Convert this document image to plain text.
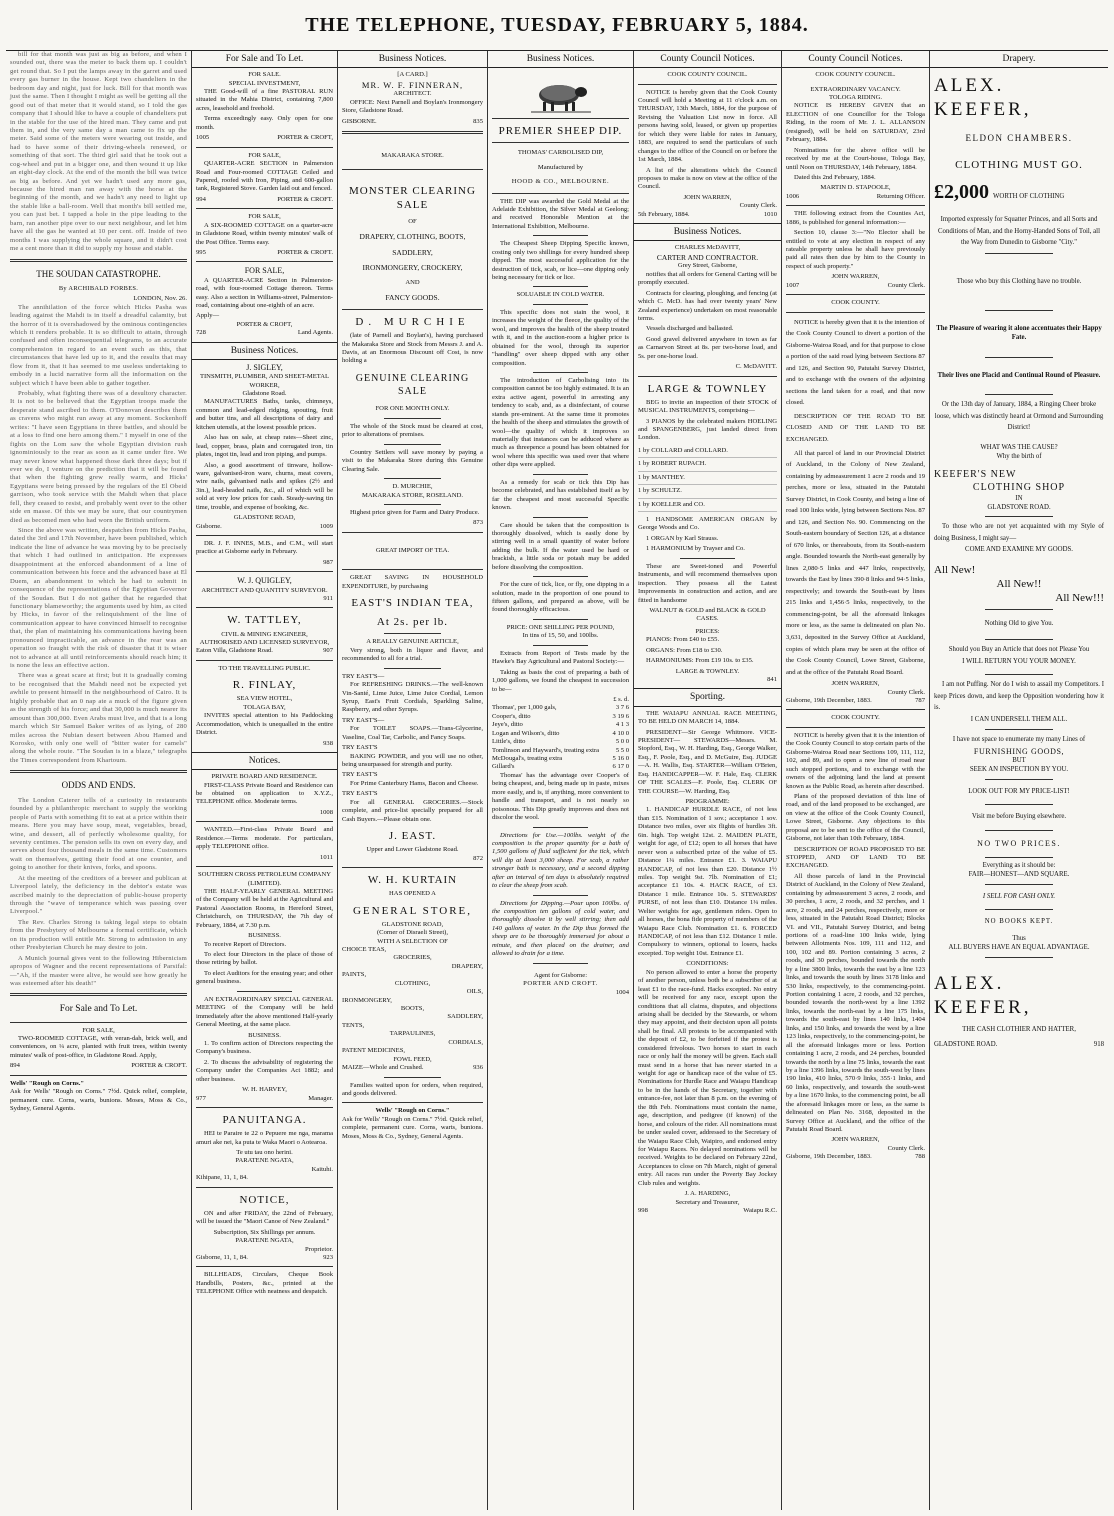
THE TELEPHONE, TUESDAY, FEBRUARY 5, 1884.

bill for that month was just as big as before, and when I sounded out, there was the meter to back them up. I couldn't get round that. So I put the lamps away in the garret and used every gas burner in the house. Kept two chandeliers in the bedroom day and night, just for luck. Bill for that month was just the same. Then I thought I might as well be getting all the good out of that meter that it would stand, so I told the gas company that I should like to have a couple of chandeliers put in the stable for the use of the hired man. They came and put them in, and the very same day a man came to fix up the meter. Said some of the meters were wearing out inside, and had to have some of their driving-wheels renewed, or something of that sort. The third girl said that he took out a cog-wheel and put in a bigger one, and then wound it up like an eight-day clock. At the end of the month the bill was twice as big as before. And yet we hadn't used any more gas, because the hired man ran away with the horse at the beginning of the month, and we hadn't any need to light up the stable like a ball-room. Well that month's bill settled me, you can just bet. I tapped a hole in the pipe leading to the barn, ran another pipe over to our next neighbour, and let him have all the gas he wanted at 10 per cent. off. Inside of two months I was supplying the whole square, and it didn't cost me a cent more than it did to supply my house and stable.

THE SOUDAN CATASTROPHE.
By ARCHIBALD FORBES.
LONDON, Nov. 26.

The annihilation of the force which Hicks Pasha was leading against the Mahdi is in itself a dreadful calamity, but the horror of it is overshadowed by the ominous contingencies which it renders probable. It is so difficult to attain, through confused and often inconsequential telegrams, to an accurate comprehension in regard to an event such as this, that circumstances that have led up to it, and the results that may flow from it, that it has seemed to me useless undertaking to embody in a lucid narrative form all the information on the subject which I have been able to gather together.

Probably, what fighting there was of a desultory character. It is not to be believed that the Egyptian troops made the desperate stand ascribed to them. O'Donovan describes them as cravens who might run away at any moment. Sockenhoff writes: "I have seen Egyptians in three battles, and should be at a loss to find one hero among them." I myself in one of the fights on the Lom saw the whole Egyptian division rush ignominiously to the rear as soon as it came under fire. We may never know what happened those dark three days; but if ever we do, I venture on the prediction that it will be found that when the fighting grew really warm, and Hicks' Egyptians were being pressed by the regulars of the El Obeid garrison, who took service with the Mahdi when that place fell, they ceased to resist, and probably went over to the other side en masse. Of this we may be sure, that our countrymen died as becomed men who had worn the British uniform.

Since the above was written, despatches from Hicks Pasha, dated the 3rd and 17th November, have been published, which indicate the line of advance he was moving by to be precisely that which I had outlined in anticipation. He expresses disappointment at the enforced abandonment of a line of communication between his force and the advanced base at El Duem, an abandonment to which he had to submit in consequence of the representations of the Egyptian Governor of the Soudan. But I do not gather that he regarded that functionary blameworthy; the arguments used by him, as cited by Hicks, in favor of the relinquishment of the line of communication appear to have convinced himself to recognise that, the plan of maintaining his communications having been pronounced impracticable, an advance in the rear was an operation so fraught with the risk of disaster that it is wiser not to advance at all until reinforcements should reach him; it is none the less an effective action.

There was a great scare at first; but it is gradually coming to be recognised that the Mahdi need not be expected yet awhile to present himself in the neighbourhood of Cairo. It is highly probable that an 0 nap ate a muck of the figure given as the strength of his force; and that 30,000 is much nearer its amount than 300,000. Even Arabs must live, and that is a long march which Sir Samuel Baker writes of as lying, of 280 miles across the Nubian desert between Abou Hamed and Korosko, with only one well of "bitter water for camels" along the whole route. "The Soudan is in a blaze," telegraphs the Times correspondent from Khartoum.

ODDS AND ENDS.

The London Caterer tells of a curiosity in restaurants founded by a philanthropic merchant to supply the working people of Paris with something fit to eat at a price within their means. Here you may have soup, meat, vegetables, bread, wine, and dessert, all of perfectly wholesome quality, for seventy centimes. The pension sells its own on every day, and serves about four thousand meals in the same time. Customers wait on themselves, getting their food at one counter, and going to another for their knives, forks, and spoons.

At the meeting of the creditors of a brewer and publican at Liverpool lately, the deficiency in the debtor's estate was ascribed mainly to the depreciation of public-house property through the "wave of temperance which was passing over Liverpool."

The Rev. Charles Strong is taking legal steps to obtain from the Presbytery of Melbourne a formal certificate, which on its production will entitle Mr. Strong to admission in any other Presbyterian Church he may desire to join.

A Munich journal gives vent to the following Hibernicism apropos of Wagner and the recent representations of Parsifal:—"Ah, if the master were alive, he would see how greatly he was esteemed after his death!"

For Sale and To Let.
FOR SALE,

TWO-ROOMED COTTAGE, with veran-dah, brick well, and conveniences, on ¼ acre, planted with fruit trees, within twenty minutes' walk of post-office, in Gladstone Road. Apply,

894	PORTER & CROFT.
Wells' "Rough on Corns."
Ask for Wells' "Rough on Corns." 7½d. Quick relief, complete, permanent cure. Corns, warts, bunions. Moses, Moss & Co., Sydney, General Agents.
For Sale and To Let.
FOR SALE.
SPECIAL INVESTMENT,

THE Good-will of a fine PASTORAL RUN situated in the Mahia District, containing 7,800 acres, leasehold and freehold.

Terms exceedingly easy. Only open for one month.

1005	PORTER & CROFT,
FOR SALE,

QUARTER-ACRE SECTION in Palmerston Road and Four-roomed COTTAGE Ceiled and Papered, roofed with Iron, Piping, and 600-gallon tank, Registered Stove. Garden laid out and fenced.

994	PORTER & CROFT.
FOR SALE,

A SIX-ROOMED COTTAGE on a quarter-acre in Gladstone Road, within twenty minutes' walk of the Post Office. Terms easy.

995	PORTER & CROFT.
FOR SALE,

A QUARTER-ACRE Section in Palmerston-road, with four-roomed Cottage thereon. Terms easy. Also a section in Williams-street, Palmerston-road, containing about one-eighth of an acre.

Apply—
PORTER & CROFT,
728	Land Agents.
Business Notices.
J. SIGLEY,
TINSMITH, PLUMBER, AND SHEET-METAL WORKER,
Gladstone Road.

MANUFACTURES Baths, tanks, chimneys, common and lead-edged ridging, spouting, fruit and butter tins, and all descriptions of dairy and kitchen utensils, at the lowest possible prices.

Also has on sale, at cheap rates—Sheet zinc, lead, copper, brass, plain and corrugated iron, tin plates, ingot tin, lead and iron piping, and pumps.

Also, a good assortment of tinware, hollow-ware, galvanised-iron ware, churns, meat covers, wire nails, galvanised nails and spikes (2½ and 3in.), lead-headed nails, &c., all of which will be sold at very low prices for cash. Steady-saving tin time, trouble, and expense of booking, &c.

GLADSTONE ROAD,
Gisborne.	1009

DR. J. F. INNES, M.B., and C.M., will start practice at Gisborne early in February.

987
W. J. QUIGLEY,
ARCHITECT AND QUANTITY SURVEYOR.
911
W. TATTLEY,
CIVIL & MINING ENGINEER,
AUTHORISED AND LICENSED SURVEYOR,
Eaton Villa, Gladstone Road.	907
TO THE TRAVELLING PUBLIC.
R. FINLAY,
SEA VIEW HOTEL,
TOLAGA BAY,

INVITES special attention to his Paddocking Accommodation, which is unequalled in the entire District.

938
Notices.
PRIVATE BOARD AND RESIDENCE.

FIRST-CLASS Private Board and Residence can be obtained on application to X.Y.Z., TELEPHONE office. Moderate terms.

1008

WANTED.—First-class Private Board and Residence.—Terms moderate. For particulars, apply TELEPHONE office.

1011
SOUTHERN CROSS PETROLEUM COMPANY (LIMITED).

THE HALF-YEARLY GENERAL MEETING of the Company will be held at the Agricultural and Pastoral Association Rooms, in Hereford Street, Christchurch, on THURSDAY, the 7th day of February, 1884, at 7.30 p.m.

BUSINESS.

To receive Report of Directors.

To elect four Directors in the place of those of those retiring by ballot.

To elect Auditors for the ensuing year; and other general business.

AN EXTRAORDINARY SPECIAL GENERAL MEETING of the Company will be held immediately after the above mentioned Half-yearly General Meeting, at the same place.

BUSINESS.

1. To confirm action of Directors respecting the Company's business.

2. To discuss the advisability of registering the Company under the Companies Act 1882; and other business.

W. H. HARVEY,
977	Manager.
PANUITANGA.

HEI te Paraire te 22 o Pepuere me nga, marama amuri ake nei, ka puta te Waka Maori o Aotearoa.

Te utu tau ono herini.
PARATENE NGATA,
Kaituhi.
Kihipane, 11, 1, 84.
NOTICE,

ON and after FRIDAY, the 22nd of February, will be issued the "Maori Canoe of New Zealand."

Subscription, Six Shillings per annum.
PARATENE NGATA,
Proprietor.
Gisborne, 11, 1, 84.	923

BILLHEADS, Circulars, Cheque Book Handbills, Posters, &c., printed at the TELEPHONE Office with neatness and despatch.

Business Notices.
[A CARD.]
MR. W. F. FINNERAN,
ARCHITECT.

OFFICE: Next Parnell and Boylan's Ironmongery Store, Gladstone Road.

GISBORNE.	835
MAKARAKA STORE.
MONSTER CLEARING SALE
OF
DRAPERY, CLOTHING, BOOTS,
SADDLERY,
IRONMONGERY, CROCKERY,
AND
FANCY GOODS.
D. MURCHIE

(late of Parnell and Boylan's), having purchased the Makaraka Store and Stock from Messrs J. and A. Davis, at an Enormous Discount off Cost, is now holding a

GENUINE CLEARING SALE
FOR ONE MONTH ONLY.

The whole of the Stock must be cleared at cost, prior to alterations of premises.

Country Settlers will save money by paying a visit to the Makaraka Store during this Genuine Clearing Sale.

D. MURCHIE,
MAKARAKA STORE, ROSELAND.

Highest price given for Farm and Dairy Produce.

873
GREAT IMPORT OF TEA.

GREAT SAVING IN HOUSEHOLD EXPENDITURE, by purchasing

EAST'S INDIAN TEA,
At 2s. per lb.
A REALLY GENUINE ARTICLE,

Very strong, both in liquor and flavor, and recommended to all for a trial.

TRY EAST'S—

For REFRESHING DRINKS.—The well-known Vin-Santé, Lime Juice, Lime Juice Cordial, Lemon Syrup, East's Fruit Cordials, Sparkling Saline, Raspberry, and other Syrups.

TRY EAST'S—

For TOILET SOAPS.—Trans-Glycerine, Vaseline, Coal Tar, Carbolic, and Fancy Soaps.

TRY EAST'S

BAKING POWDER, and you will use no other, being unsurpassed for strength and purity.

TRY EAST'S

For Prime Canterbury Hams, Bacon and Cheese.

TRY EAST'S

For all GENERAL GROCERIES.—Stock complete, and price-list specially prepared for all Cash Buyers.—Please obtain one.

J. EAST.
Upper and Lower Gladstone Road.
872
W. H. KURTAIN
HAS OPENED A
GENERAL STORE,
GLADSTONE ROAD,
(Corner of Disraeli Street),
WITH A SELECTION OF
CHOICE TEAS,
GROCERIES,
DRAPERY,
PAINTS,
CLOTHING,
OILS,
IRONMONGERY,
BOOTS,
SADDLERY,
TENTS,
TARPAULINES,
CORDIALS,
PATENT MEDICINES,
FOWL FEED,
MAIZE—Whole and Crushed.	936

Families waited upon for orders, when required, and goods delivered.

Wells' "Rough on Corns."
Ask for Wells' "Rough on Corns." 7½d. Quick relief, complete, permanent cure. Corns, warts, bunions. Moses, Moss & Co., Sydney, General Agents.
Business Notices.
PREMIER SHEEP DIP.
THOMAS' CARBOLISED DIP,
Manufactured by
HOOD & CO., MELBOURNE.

THE DIP was awarded the Gold Medal at the Adelaide Exhibition, the Silver Medal at Geelong; and received Honorable Mention at the International Exhibition, Melbourne.

The Cheapest Sheep Dipping Specific known, costing only two shillings for every hundred sheep dipped. The most successful application for the destruction of tick, scab, or lice—one dipping only being necessary for tick or lice.

SOLUABLE IN COLD WATER.

This specific does not stain the wool, it increases the weight of the fleece, the quality of the wool, and improves the health of the sheep treated with it, and in the auction-room a higher price is obtained for the wool, through its superior "handling" over sheep dipped with any other composition.

The introduction of Carbolising into its composition cannot be too highly estimated. It is an extra active agent, powerful in arresting any tendency to scab, and, as a disinfectant, of course stands pre-eminent. At the same time it promotes the health of the sheep and stimulates the growth of wool—the quality of which it improves so materially that instances can be adduced where as much as threepence a pound has been obtained for wool where this specific was used over that where other dips were applied.

As a remedy for scab or tick this Dip has become celebrated, and has established itself as by far the cheapest and most successful Specific known.

Care should be taken that the composition is thoroughly dissolved, which is easily done by stirring well in a small quantity of water before adding the bulk. If the water used be hard or brackish, a little soda or potash may be added before dissolving the composition.

For the cure of tick, lice, or fly, one dipping in a solution, made in the proportion of one pound to fifteen gallons, and prepared as above, will be found thoroughly efficacious.

PRICE: ONE SHILLING PER POUND,
In tins of 15, 50, and 100lbs.

Extracts from Report of Tests made by the Hawke's Bay Agricultural and Pastoral Society:—

Taking as basis the cost of preparing a bath of 1,000 gallons, we found the cheapest in succession to be—

£ s. d.
Thomas', per 1,000 gals,	3 7 6
Cooper's, ditto	3 19 6
Jeye's, ditto	4 1 3
Logan and Wilson's, ditto	4 10 0
Little's, ditto	5 0 0
Tomlinson and Hayward's, treating extra	5 5 0
McDougal's, treating extra	5 16 0
Gillard's	6 17 0

Thomas' has the advantage over Cooper's of being cheapest, and, being made up in paste, mixes more easily, and is, if anything, more convenient to handle and transport, and is not nearly so poisonous. This Dip greatly improves and does not discolor the wool.

Directions for Use.—100lbs. weight of the composition is the proper quantity for a bath of 1,500 gallons of fluid sufficient for the tick, which will dip at least 3,000 sheep. For scab, a rather stronger bath is necessary, and a second dipping after an interval of ten days is absolutely required to clear the sheep from scab.

Directions for Dipping.—Pour upon 100lbs. of the composition ten gallons of cold water, and thoroughly dissolve it by well stirring; then add 140 gallons of water. In the Dip thus formed the sheep are to be thoroughly immersed for about a minute, and then placed on the drainer, and allowed to drain for a time.

Agent for Gisborne:
PORTER AND CROFT.
1004
County Council Notices.
COOK COUNTY COUNCIL.

NOTICE is hereby given that the Cook County Council will hold a Meeting at 11 o'clock a.m. on THURSDAY, 13th March, 1884, for the purpose of Revising the Valuation List now in force. All persons having sold, leased, or given up properties for which they were liable for rates in January, 1883, are required to send the particulars of such changes to the office of the Council on or before the 1st March, 1884.

A list of the alterations which the Council proposes to make is now on view at the office of the Council.

JOHN WARREN,
County Clerk.
5th February, 1884.	1010
Business Notices.
CHARLES McDAVITT,
CARTER AND CONTRACTOR.
Grey Street, Gisborne,

notifies that all orders for General Carting will be promptly executed.

Contracts for clearing, ploughing, and fencing (at which C. McD. has had over twenty years' New Zealand experience) undertaken on most reasonable terms.

Vessels discharged and ballasted.

Good gravel delivered anywhere in town as far as Carnarvon Street at 8s. per two-horse load, and 5s. per one-horse load.

C. McDAVITT.
LARGE & TOWNLEY

BEG to invite an inspection of their STOCK of MUSICAL INSTRUMENTS, comprising—

3 PIANOS by the celebrated makers HOELING and SPANGENBERG, just landed direct from London.

1 by COLLARD and COLLARD.
1 by ROBERT RUPACH.
1 by MANTHEY.
1 by SCHULTZ.
1 by KOELLER and CO.

1 HANDSOME AMERICAN ORGAN by George Woods and Co.

1 ORGAN by Karl Strauss.

1 HARMONIUM by Trayser and Co.

These are Sweet-toned and Powerful Instruments, and will recommend themselves upon inspection. They possess all the Latest Improvements in construction and action, and are fitted in handsome

WALNUT & GOLD and BLACK & GOLD CASES.
PRICES:

PIANOS: From £40 to £55.

ORGANS: From £18 to £30.

HARMONIUMS: From £19 10s. to £35.

LARGE & TOWNLEY.
841
Sporting.

THE WAIAPU ANNUAL RACE MEETING, TO BE HELD ON MARCH 14, 1884.

PRESIDENT—Sir George Whitmore. VICE-PRESIDENT— STEWARDS—Messrs. M. Stopford, Esq., W. H. Harding, Esq., George Walker, Esq., F. Poole, Esq., and D. McGuire, Esq. JUDGE—A. H. Wallis, Esq. STARTER—William O'Brien, Esq. HANDICAPPER—W. F. Hale, Esq. CLERK OF THE SCALES—F. Poole, Esq. CLERK OF THE COURSE—W. Harding, Esq.

PROGRAMME:

1. HANDICAP HURDLE RACE, of not less than £15. Nomination of 1 sov.; acceptance 1 sov. Distance two miles, over six flights of hurdles 3ft. 6in. high. Top weight 12st. 2. MAIDEN PLATE, weight for age, of £12; open to all horses that have never won a subscribed prize of the value of £5. Distance 1¼ miles. Entrance £1. 3. WAIAPU HANDICAP, of not less than £20. Distance 1½ miles. Top weight 9st. 7lb. Nomination of £1; acceptance £1 10s. 4. HACK RACE, of £3. Distance 1 mile. Entrance 10s. 5. STEWARDS' PURSE, of not less than £10. Distance 1¼ miles. Welter weights for age, gentlemen riders. Open to all horses, the bona fide property of members of the Waiapu Race Club. Nomination £1. 6. FORCED HANDICAP, of not less than £12. Distance 1 mile. Compulsory to winners, optional to losers, hacks excepted. Top weight 10st. Entrance £1.

CONDITIONS:

No person allowed to enter a horse the property of another person, unless both be a subscriber of at least £1 to the race-fund. Hacks excepted. No entry will be received for any race, except upon the conditions that all claims, disputes, and objections arising shall be decided by the Stewards, or whom they may appoint, and their decision upon all points shall be final. All protests to be accompanied with the deposit of £2, to be forfeited if the protest is considered frivolous. Two horses to start in each race or only half the money will be given. Each stall must send in a horse that has never started in a weight for age or handicap race of the value of £5. Nominations for Hurdle Race and Waiapu Handicap to be in the hands of the Secretary, together with entrance-fee, not later than 8 p.m. on the evening of the 8th Feb. Nominations must contain the name, age, description, and pedigree (if known) of the horse, and colours of the rider. All nominations must be under sealed cover, addressed to the Secretary of the Waiapu Race Club, Waipiro, and endorsed entry for Waiapu Races. No delayed nominations will be received. Weights to be declared on February 22nd, Acceptances to close on 7th March, night of general entry. All races run under the Poverty Bay Jockey Club rules and weights.

J. A. HARDING,
Secretary and Treasurer,
998	Waiapu R.C.
County Council Notices.
COOK COUNTY COUNCIL.
EXTRAORDINARY VACANCY.
TOLOGA RIDING.

NOTICE IS HEREBY GIVEN that an ELECTION of one Councillor for the Tologa Riding, in the room of Mr. J. L. ALLANSON (resigned), will be held on SATURDAY, 23rd February, 1884.

Nominations for the above office will be received by me at the Court-house, Tologa Bay, until Noon on THURSDAY, 14th February, 1884.

Dated this 2nd February, 1884.

MARTIN D. STAPOOLE,
1006	Returning Officer.

THE following extract from the Counties Act, 1886, is published for general information:—

Section 10, clause 3:—"No Elector shall be entitled to vote at any election in respect of any rateable property unless he shall have previously paid all rates then due by him to the County in respect of such property."

JOHN WARREN,
1007	County Clerk.
COOK COUNTY.

NOTICE is hereby given that it is the intention of the Cook County Council to divert a portion of the Gisborne-Wairoa Road, and for that purpose to close a portion of the said road lying between Sections 87 and 126, and Section 90, Patutahi Survey District, and to exchange with the owners of the adjoining sections the land taken for a road, and that now closed.

DESCRIPTION OF THE ROAD TO BE CLOSED AND OF THE LAND TO BE EXCHANGED.

All that parcel of land in our Provincial District of Auckland, in the Colony of New Zealand, containing by admeasurement 1 acre 2 roods and 19 perches, more or less, situated in the Patutahi Survey District, in Cook County, and being a line of road 100 links wide, lying between Sections Nos. 87 and 126, and Section No. 90. Commencing on the South-eastern boundary of Section 126, at a distance of 670 links, or thereabouts, from its South-eastern angle. Bounded towards the North-east generally by lines 2,080·5 links and 447 links, respectively, towards the East by lines 390·8 links and 94·5 links, respectively; and towards the South-east by lines 215 links and 1,456·5 links, respectively, to the commencing-point, be all the aforesaid linkages more or less, as the same is delineated on plan No. 3,631, deposited in the Survey Office at Auckland, copies of which plans may be seen at the office of the Cook County Council, Lowe Street, Gisborne, and at the office of the Patutahi Road Board.

JOHN WARREN,
County Clerk.
Gisborne, 19th December, 1883.	787
COOK COUNTY.

NOTICE is hereby given that it is the intention of the Cook County Council to stop certain parts of the Gisborne-Wairoa Road near Sections 109, 111, 112, 102, and 89, and to open a new line of road near such stopped portions, and to exchange with the owners of the adjoining land the land at present known as the Public Road, as herein after described.

Plans of the proposed deviation of this line of road, and of the land proposed to be exchanged, are on view at the office of the Cook County Council, Lowe Street, Gisborne. Any objections to this proposal are to be sent to the office of the Council, Gisborne, not later than 10th February, 1884.

DESCRIPTION OF ROAD PROPOSED TO BE STOPPED, AND OF LAND TO BE EXCHANGED.

All those parcels of land in the Provincial District of Auckland, in the Colony of New Zealand, containing by admeasurement 3 acres, 2 roods, and 30 perches, 1 acre, 2 roods, and 32 perches, and 1 acre, 2 roods, and 24 perches, respectively, more or less, situated in the Patutahi Road District; Blocks VI. and VII., Patutahi Survey District, and being portions of a road-line 100 links wide, lying between Allotments Nos. 109, 111 and 112, and 100, 102 and 89. Portion containing 3 acres, 2 roods, and 30 perches, bounded towards the north by a line 3800 links, towards the east by a line 123 links, and towards the south by lines 3178 links and 530 links, respectively, to the commencing-point. Portion containing 1 acre, 2 roods, and 32 perches, bounded towards the north-west by a line 1392 links, towards the north-east by a line 175 links, towards the south-east by lines 140 links, 1404 links, and 150 links, and towards the west by a line 123 links, respectively, to the commencing-point, be all the aforesaid linkages more or less. Portion containing 1 acre, 2 roods, and 24 perches, bounded towards the north by a line 75 links, towards the east by a line 1396 links, towards the south-west by lines 190 links, 410 links, 570·9 links, 355·1 links, and 60 links, respectively, and towards the south-west by a line 1670 links, to the commencing point, be all the aforesaid linkages more or less, as the same is delineated on Plan No. 3168, deposited in the Survey Office at Auckland, and the office of the Patutahi Road Board.

JOHN WARREN,
County Clerk.
Gisborne, 19th December, 1883.	788
Drapery.
ALEX. KEEFER,
ELDON CHAMBERS.
CLOTHING MUST GO.
£2,000 WORTH OF CLOTHING

Imported expressly for Squatter Princes, and all Sorts and Conditions of Man, and the Horny-Handed Sons of Toil, all the Way from Dunedin to Gisborne "City."

Those who buy this Clothing have no trouble.

The Pleasure of wearing it alone accentuates their Happy Fate.

Their lives one Placid and Continual Round of Pleasure.

Or the 13th day of January, 1884, a Ringing Cheer broke loose, which was distinctly heard at Ormond and Surrounding District!

WHAT WAS THE CAUSE?
Why the birth of
KEEFER'S NEW
CLOTHING SHOP
IN
GLADSTONE ROAD.

To those who are not yet acquainted with my Style of doing Business, I might say—

COME AND EXAMINE MY GOODS.
All New!
All New!!
All New!!!
Nothing Old to give You.

Should you Buy an Article that does not Please You

I WILL RETURN YOU YOUR MONEY.

I am not Puffing. Nor do I wish to assail my Competitors. I keep Prices down, and keep the Opposition wondering how it is.

I CAN UNDERSELL THEM ALL.

I have not space to enumerate my many Lines of

FURNISHING GOODS,
BUT
SEEK AN INSPECTION BY YOU.
LOOK OUT FOR MY PRICE-LIST!
Visit me before Buying elsewhere.
NO TWO PRICES.
Everything as it should be:
FAIR—HONEST—AND SQUARE.
I SELL FOR CASH ONLY.
NO BOOKS KEPT.
Thus
ALL BUYERS HAVE AN EQUAL ADVANTAGE.
ALEX. KEEFER,
THE CASH CLOTHIER AND HATTER,
GLADSTONE ROAD.	918
